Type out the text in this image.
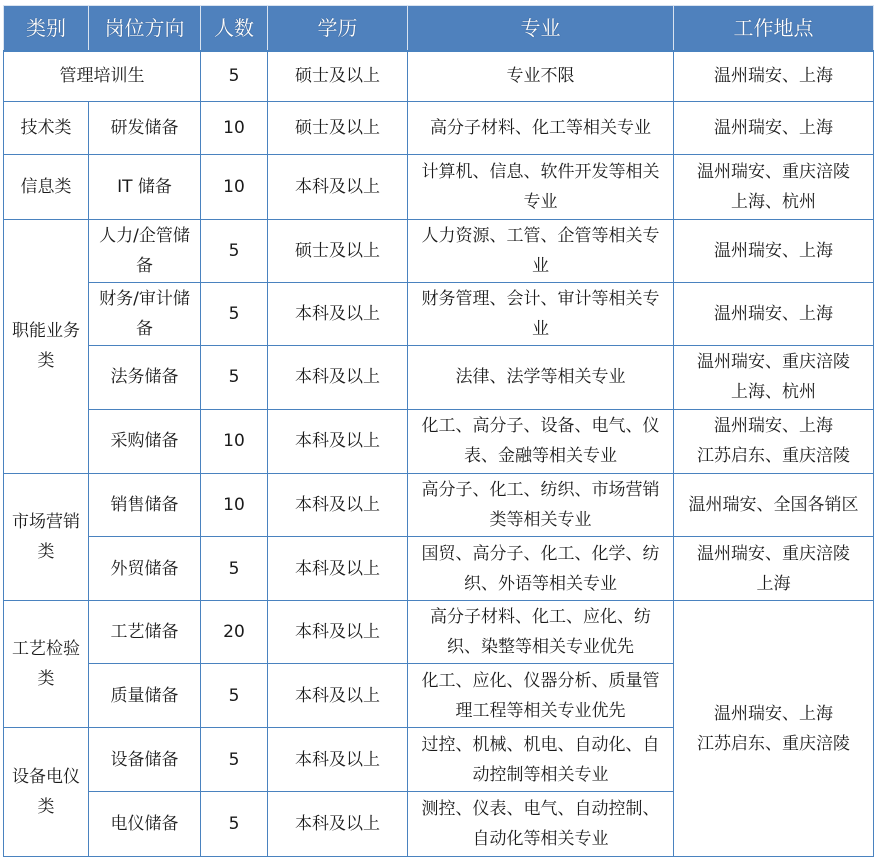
类别	岗位方向	人数	学历	专业	工作地点
管理培训生		5	硕士及以上	专业不限	温州瑞安、上海
技术类	研发储备	10	硕士及以上	高分子材料、化工等相关专业	温州瑞安、上海
信息类	IT 储备	10	本科及以上	计算机、信息、软件开发等相关专业	温州瑞安、重庆涪陵
上海、杭州

职能业务类	人力/企管储备	5	硕士及以上	人力资源、工管、企管等相关专业	温州瑞安、上海
	财务/审计储备	5	本科及以上	财务管理、会计、审计等相关专业	温州瑞安、上海
	法务储备	5	本科及以上	法律、法学等相关专业	温州瑞安、重庆涪陵
上海、杭州

	采购储备	10	本科及以上	化工、高分子、设备、电气、仪表、金融等相关专业	温州瑞安、上海
江苏启东、重庆涪陵

市场营销类	销售储备	10	本科及以上	高分子、化工、纺织、市场营销类等相关专业	温州瑞安、全国各销区
	外贸储备	5	本科及以上	国贸、高分子、化工、化学、纺织、外语等相关专业	温州瑞安、重庆涪陵
上海

工艺检验类	工艺储备	20	本科及以上	高分子材料、化工、应化、纺织、染整等相关专业优先	温州瑞安、上海
江苏启东、重庆涪陵

	质量储备	5	本科及以上	化工、应化、仪器分析、质量管理工程等相关专业优先	
设备电仪类	设备储备	5	本科及以上	过控、机械、机电、自动化、自动控制等相关专业	
	电仪储备	5	本科及以上	测控、仪表、电气、自动控制、自动化等相关专业	
